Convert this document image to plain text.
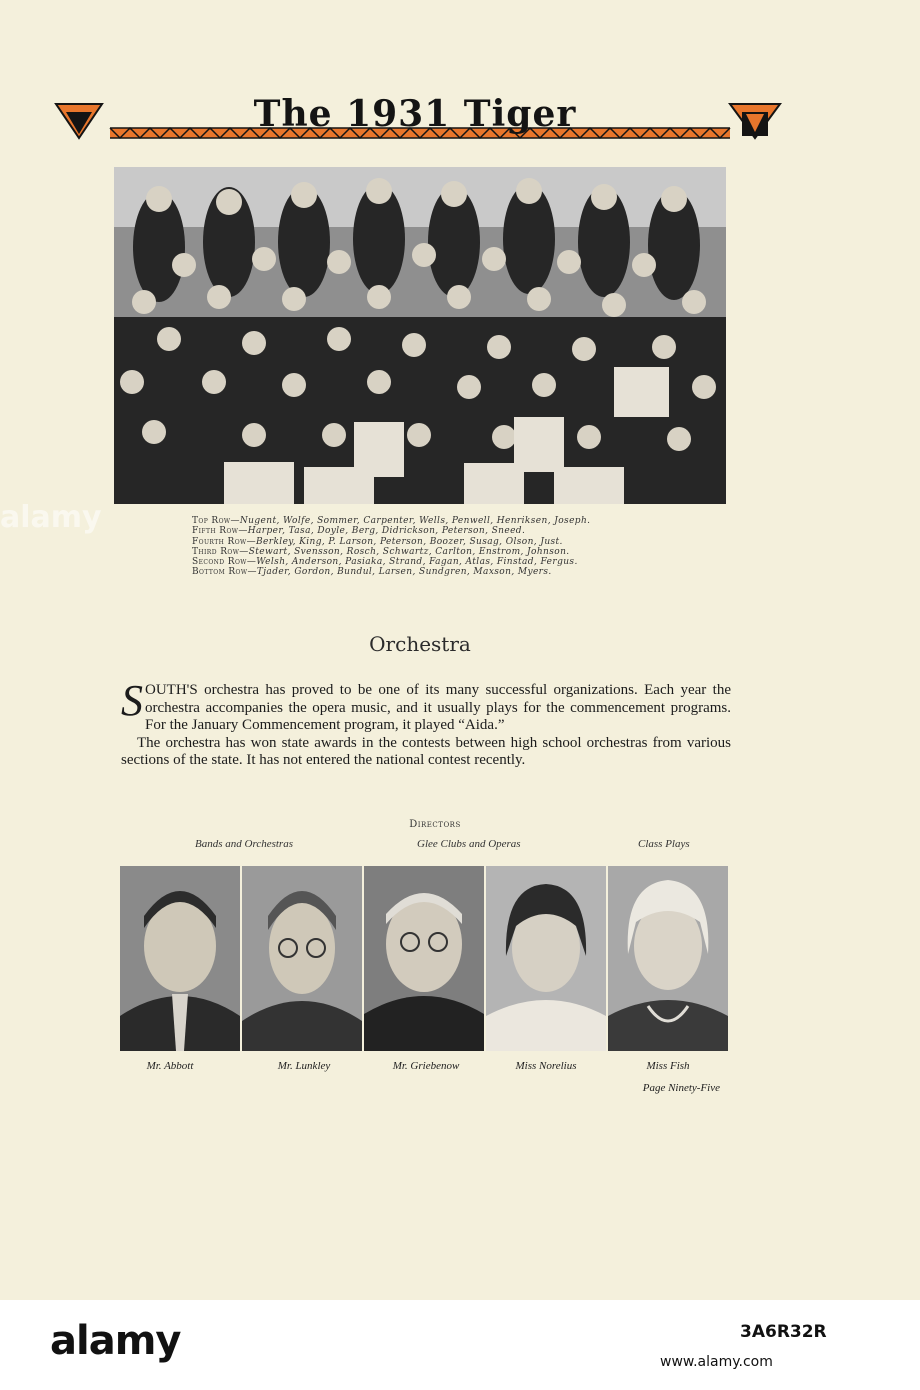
The 1931 Tiger
Top Row—Nugent, Wolfe, Sommer, Carpenter, Wells, Penwell, Henriksen, Joseph.
Fifth Row—Harper, Tasa, Doyle, Berg, Didrickson, Peterson, Sneed.
Fourth Row—Berkley, King, P. Larson, Peterson, Boozer, Susag, Olson, Just.
Third Row—Stewart, Svensson, Rosch, Schwartz, Carlton, Enstrom, Johnson.
Second Row—Welsh, Anderson, Pasiaka, Strand, Fagan, Atlas, Finstad, Fergus.
Bottom Row—Tjader, Gordon, Bundul, Larsen, Sundgren, Maxson, Myers.
Orchestra

SOUTH'S orchestra has proved to be one of its many successful organizations. Each year the orchestra accompanies the opera music, and it usually plays for the commencement programs. For the January Commencement program, it played “Aida.”

The orchestra has won state awards in the contests between high school orchestras from various sections of the state. It has not entered the national contest recently.

Directors
Bands and Orchestras	Glee Clubs and Operas	Class Plays
Mr. Abbott	Mr. Lunkley	Mr. Griebenow	Miss Norelius	Miss Fish
Page Ninety-Five
alamy
alamy	3A6R32R
www.alamy.com
